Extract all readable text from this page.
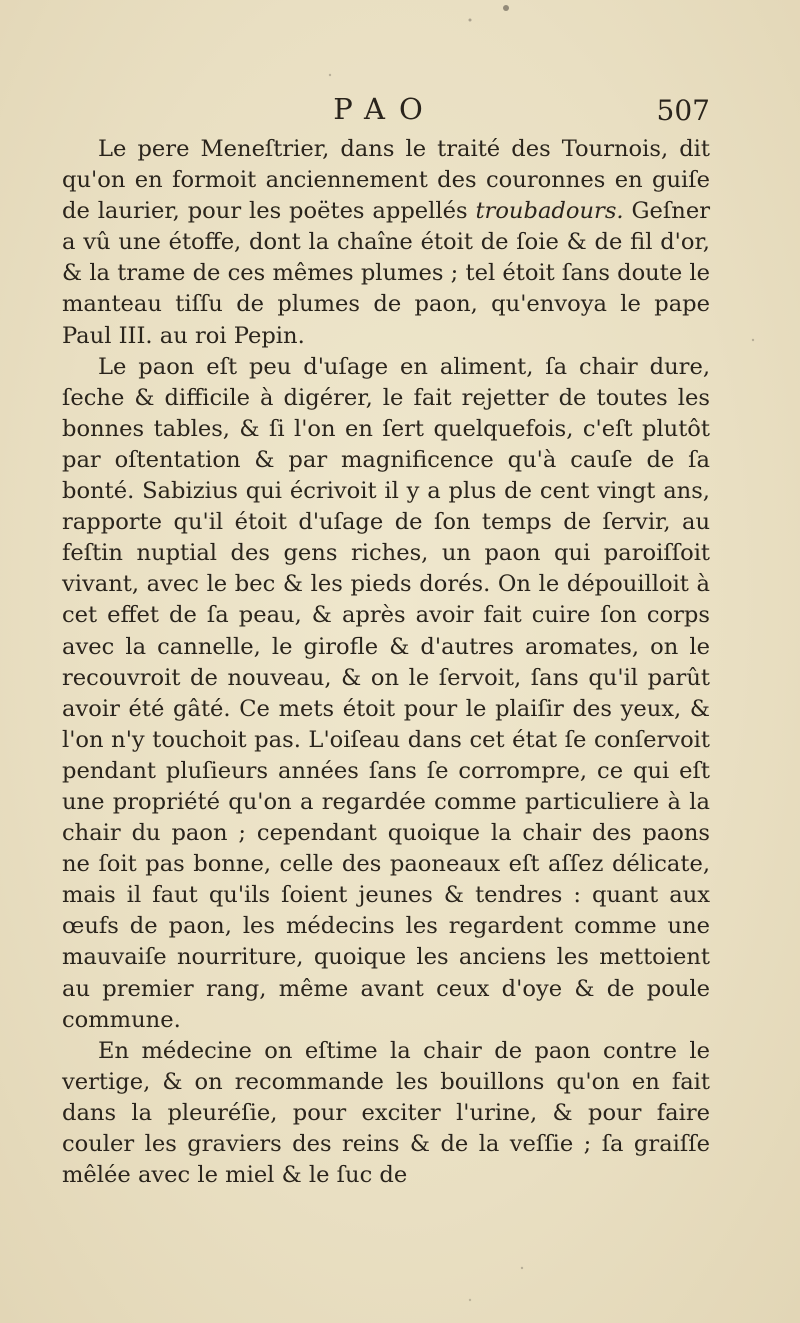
PAO	507

Le pere Meneſtrier, dans le traité des Tournois, dit qu'on en formoit anciennement des couronnes en guiſe de laurier, pour les poëtes appellés troubadours. Geſner a vû une étoffe, dont la chaîne étoit de ſoie & de fil d'or, & la trame de ces mêmes plumes ; tel étoit ſans doute le manteau tiſſu de plumes de paon, qu'envoya le pape Paul III. au roi Pepin.

Le paon eſt peu d'uſage en aliment, ſa chair dure, ſeche & difficile à digérer, le fait rejetter de toutes les bonnes tables, & ſi l'on en ſert quelquefois, c'eſt plutôt par oſtentation & par magnificence qu'à cauſe de ſa bonté. Sabizius qui écrivoit il y a plus de cent vingt ans, rapporte qu'il étoit d'uſage de ſon temps de ſervir, au feſtin nuptial des gens riches, un paon qui paroiſſoit vivant, avec le bec & les pieds dorés. On le dépouilloit à cet effet de ſa peau, & après avoir fait cuire ſon corps avec la cannelle, le girofle & d'autres aromates, on le recouvroit de nouveau, & on le ſervoit, ſans qu'il parût avoir été gâté. Ce mets étoit pour le plaiſir des yeux, & l'on n'y touchoit pas. L'oiſeau dans cet état ſe conſervoit pendant pluſieurs années ſans ſe corrompre, ce qui eſt une propriété qu'on a regardée comme particuliere à la chair du paon ; cependant quoique la chair des paons ne ſoit pas bonne, celle des paoneaux eſt aſſez délicate, mais il faut qu'ils ſoient jeunes & tendres : quant aux œufs de paon, les médecins les regardent comme une mauvaiſe nourriture, quoique les anciens les mettoient au premier rang, même avant ceux d'oye & de poule commune.

En médecine on eſtime la chair de paon contre le vertige, & on recommande les bouillons qu'on en fait dans la pleuréſie, pour exciter l'urine, & pour faire couler les graviers des reins & de la veſſie ; ſa graiſſe mêlée avec le miel & le ſuc de
